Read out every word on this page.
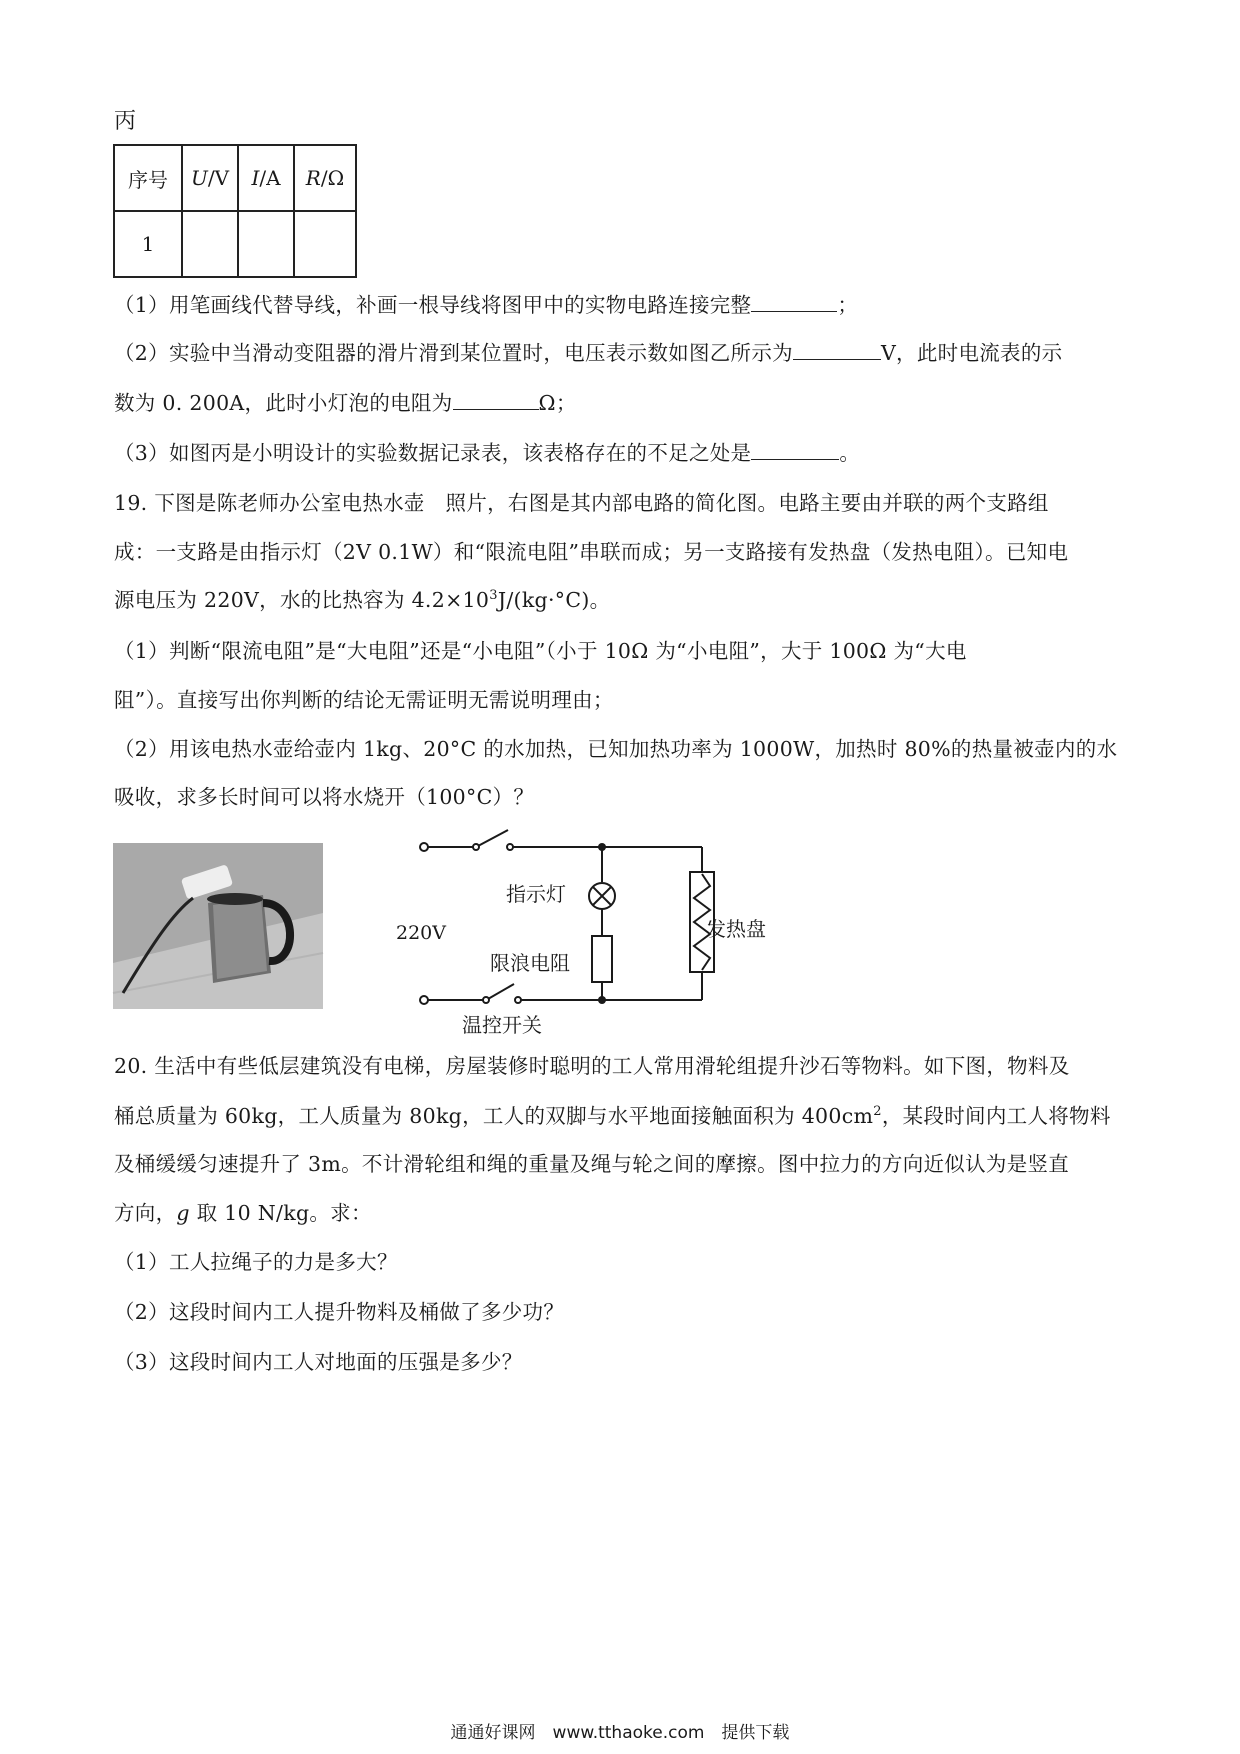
丙
序号	U/V	I/A	R/Ω
1			
（1）用笔画线代替导线，补画一根导线将图甲中的实物电路连接完整	；
（2）实验中当滑动变阻器的滑片滑到某位置时，电压表示数如图乙所示为	V，此时电流表的示
数为 0. 200A，此时小灯泡的电阻为	Ω；
（3）如图丙是小明设计的实验数据记录表，该表格存在的不足之处是	。
19. 下图是陈老师办公室电热水壶　照片，右图是其内部电路的简化图。电路主要由并联的两个支路组
成：一支路是由指示灯（2V 0.1W）和“限流电阻”串联而成；另一支路接有发热盘（发热电阻）。已知电
源电压为 220V，水的比热容为 $4.2\times 10^3J/(kg\cdot^\circ C)$。
（1）判断“限流电阻”是“大电阻”还是“小电阻”（小于 10Ω 为“小电阻”，大于 100Ω 为“大电
阻”）。直接写出你判断的结论无需证明无需说明理由；
（2）用该电热水壶给壶内 1kg、20°C 的水加热，已知加热功率为 1000W，加热时 80%的热量被壶内的水
吸收，求多长时间可以将水烧开（100°C）？
指示灯
220V
限浪电阻
发热盘
温控开关
20. 生活中有些低层建筑没有电梯，房屋装修时聪明的工人常用滑轮组提升沙石等物料。如下图，物料及
桶总质量为 60kg，工人质量为 80kg，工人的双脚与水平地面接触面积为 $400cm^2$，某段时间内工人将物料
及桶缓缓匀速提升了 3m。不计滑轮组和绳的重量及绳与轮之间的摩擦。图中拉力的方向近似认为是竖直
方向，g 取 10 N/kg。求：
（1）工人拉绳子的力是多大？
（2）这段时间内工人提升物料及桶做了多少功？
（3）这段时间内工人对地面的压强是多少？
通通好课网　www.tthaoke.com　提供下载
